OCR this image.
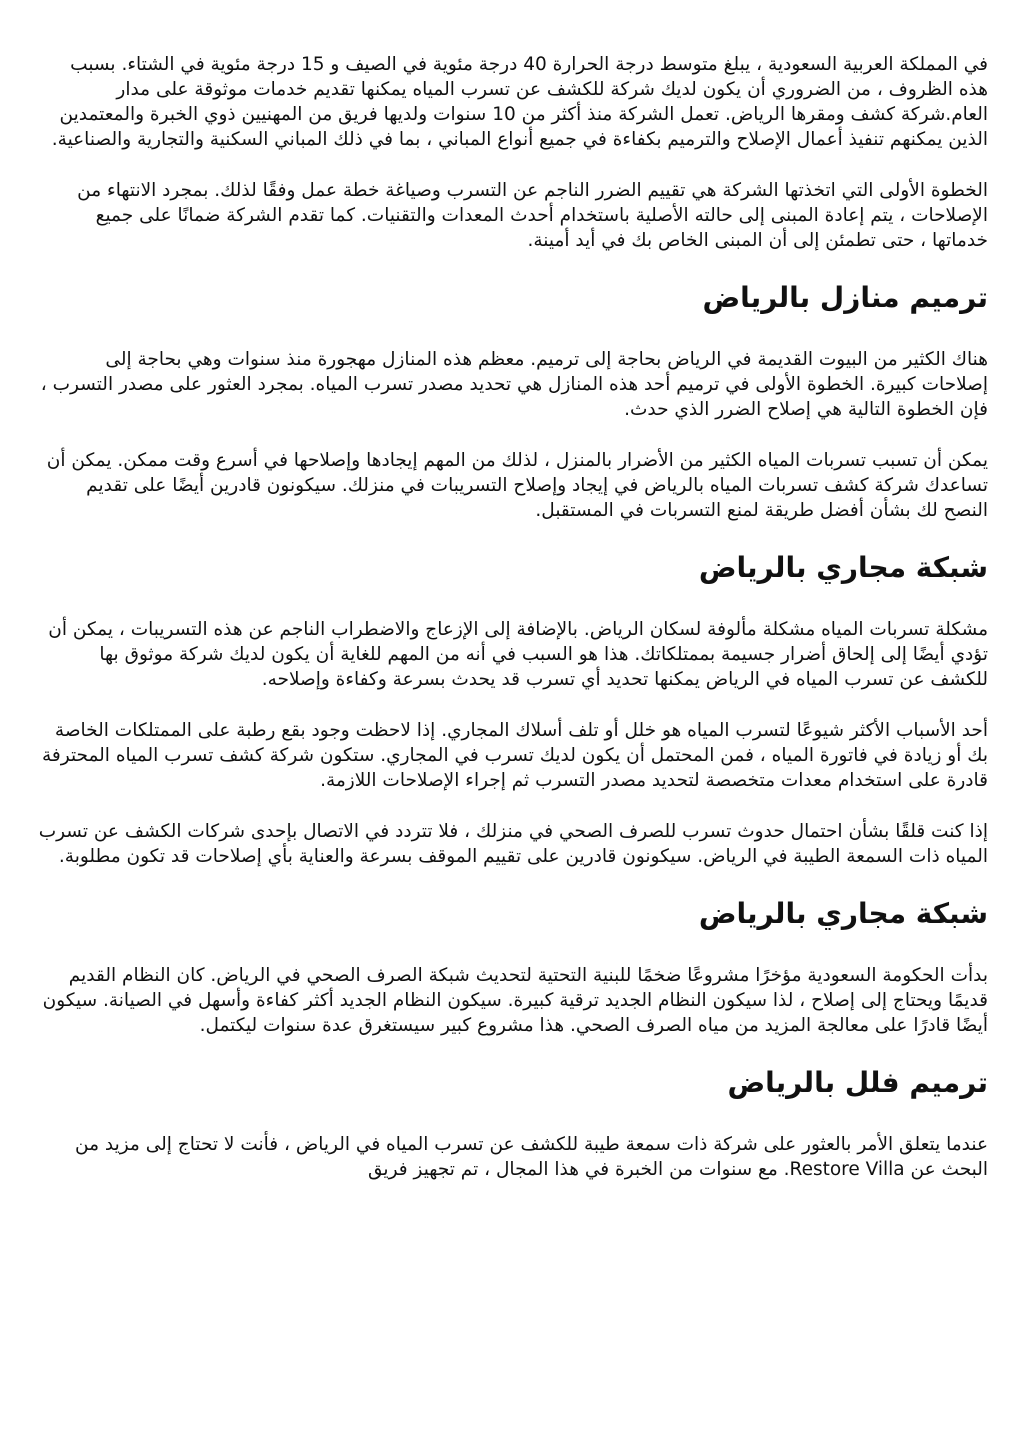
في المملكة العربية السعودية ، يبلغ متوسط درجة الحرارة 40 درجة مئوية في الصيف و 15 درجة مئوية في الشتاء. بسبب هذه الظروف ، من الضروري أن يكون لديك شركة للكشف عن تسرب المياه يمكنها تقديم خدمات موثوقة على مدار العام.شركة كشف ومقرها الرياض. تعمل الشركة منذ أكثر من 10 سنوات ولديها فريق من المهنيين ذوي الخبرة والمعتمدين الذين يمكنهم تنفيذ أعمال الإصلاح والترميم بكفاءة في جميع أنواع المباني ، بما في ذلك المباني السكنية والتجارية والصناعية.

الخطوة الأولى التي اتخذتها الشركة هي تقييم الضرر الناجم عن التسرب وصياغة خطة عمل وفقًا لذلك. بمجرد الانتهاء من الإصلاحات ، يتم إعادة المبنى إلى حالته الأصلية باستخدام أحدث المعدات والتقنيات. كما تقدم الشركة ضمانًا على جميع خدماتها ، حتى تطمئن إلى أن المبنى الخاص بك في أيد أمينة.

ترميم منازل بالرياض

هناك الكثير من البيوت القديمة في الرياض بحاجة إلى ترميم. معظم هذه المنازل مهجورة منذ سنوات وهي بحاجة إلى إصلاحات كبيرة. الخطوة الأولى في ترميم أحد هذه المنازل هي تحديد مصدر تسرب المياه. بمجرد العثور على مصدر التسرب ، فإن الخطوة التالية هي إصلاح الضرر الذي حدث.

يمكن أن تسبب تسربات المياه الكثير من الأضرار بالمنزل ، لذلك من المهم إيجادها وإصلاحها في أسرع وقت ممكن. يمكن أن تساعدك شركة كشف تسربات المياه بالرياض في إيجاد وإصلاح التسريبات في منزلك. سيكونون قادرين أيضًا على تقديم النصح لك بشأن أفضل طريقة لمنع التسربات في المستقبل.

شبكة مجاري بالرياض

مشكلة تسربات المياه مشكلة مألوفة لسكان الرياض. بالإضافة إلى الإزعاج والاضطراب الناجم عن هذه التسريبات ، يمكن أن تؤدي أيضًا إلى إلحاق أضرار جسيمة بممتلكاتك. هذا هو السبب في أنه من المهم للغاية أن يكون لديك شركة موثوق بها للكشف عن تسرب المياه في الرياض يمكنها تحديد أي تسرب قد يحدث بسرعة وكفاءة وإصلاحه.

أحد الأسباب الأكثر شيوعًا لتسرب المياه هو خلل أو تلف أسلاك المجاري. إذا لاحظت وجود بقع رطبة على الممتلكات الخاصة بك أو زيادة في فاتورة المياه ، فمن المحتمل أن يكون لديك تسرب في المجاري. ستكون شركة كشف تسرب المياه المحترفة قادرة على استخدام معدات متخصصة لتحديد مصدر التسرب ثم إجراء الإصلاحات اللازمة.

إذا كنت قلقًا بشأن احتمال حدوث تسرب للصرف الصحي في منزلك ، فلا تتردد في الاتصال بإحدى شركات الكشف عن تسرب المياه ذات السمعة الطيبة في الرياض. سيكونون قادرين على تقييم الموقف بسرعة والعناية بأي إصلاحات قد تكون مطلوبة.

شبكة مجاري بالرياض

بدأت الحكومة السعودية مؤخرًا مشروعًا ضخمًا للبنية التحتية لتحديث شبكة الصرف الصحي في الرياض. كان النظام القديم قديمًا ويحتاج إلى إصلاح ، لذا سيكون النظام الجديد ترقية كبيرة. سيكون النظام الجديد أكثر كفاءة وأسهل في الصيانة. سيكون أيضًا قادرًا على معالجة المزيد من مياه الصرف الصحي. هذا مشروع كبير سيستغرق عدة سنوات ليكتمل.

ترميم فلل بالرياض

عندما يتعلق الأمر بالعثور على شركة ذات سمعة طيبة للكشف عن تسرب المياه في الرياض ، فأنت لا تحتاج إلى مزيد من البحث عن Restore Villa. مع سنوات من الخبرة في هذا المجال ، تم تجهيز فريق
